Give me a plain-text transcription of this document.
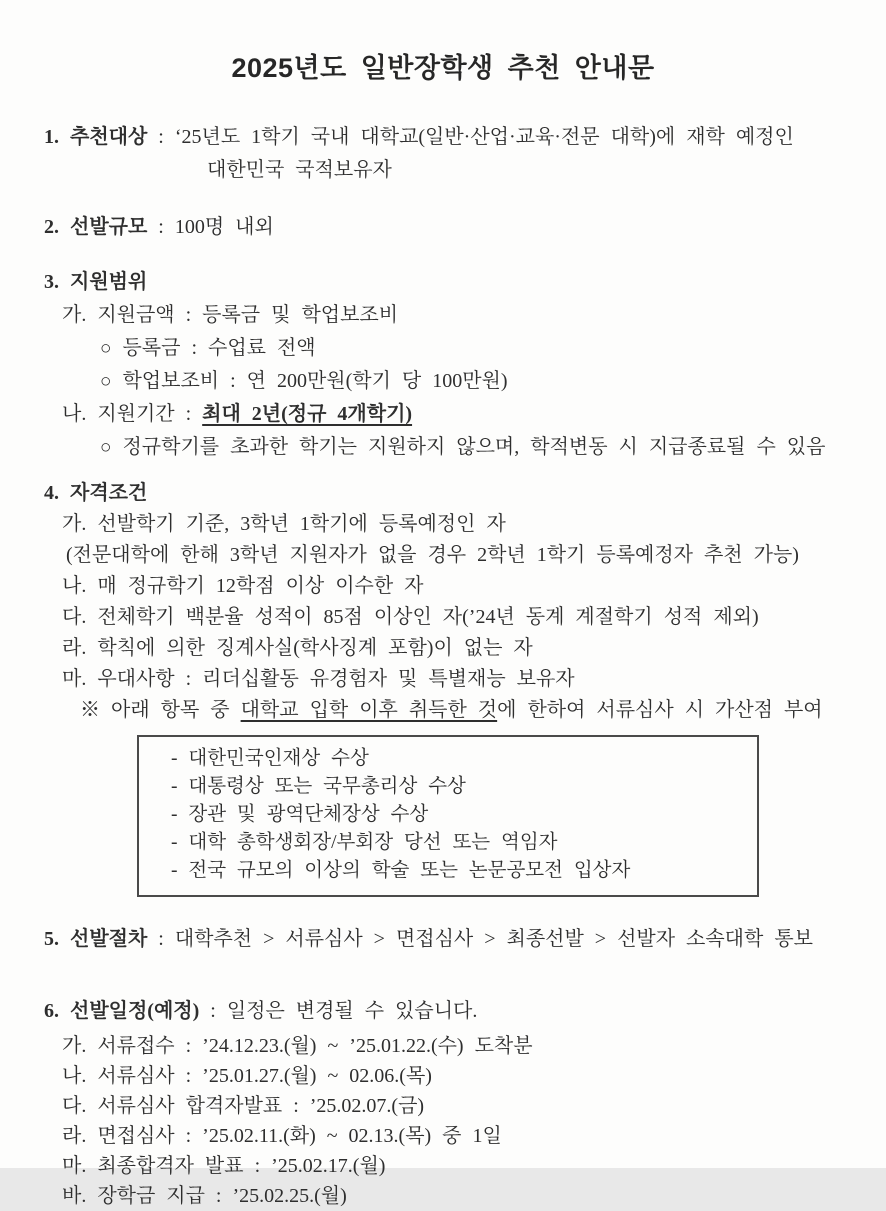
2025년도 일반장학생 추천 안내문
1. 추천대상 : ‘25년도 1학기 국내 대학교(일반·산업·교육·전문 대학)에 재학 예정인
대한민국 국적보유자
2. 선발규모 : 100명 내외
3. 지원범위
가. 지원금액 : 등록금 및 학업보조비
○ 등록금 : 수업료 전액
○ 학업보조비 : 연 200만원(학기 당 100만원)
나. 지원기간 : 최대 2년(정규 4개학기)
○ 정규학기를 초과한 학기는 지원하지 않으며, 학적변동 시 지급종료될 수 있음
4. 자격조건
가. 선발학기 기준, 3학년 1학기에 등록예정인 자
(전문대학에 한해 3학년 지원자가 없을 경우 2학년 1학기 등록예정자 추천 가능)
나. 매 정규학기 12학점 이상 이수한 자
다. 전체학기 백분율 성적이 85점 이상인 자(’24년 동계 계절학기 성적 제외)
라. 학칙에 의한 징계사실(학사징계 포함)이 없는 자
마. 우대사항 : 리더십활동 유경험자 및 특별재능 보유자
※ 아래 항목 중 대학교 입학 이후 취득한 것에 한하여 서류심사 시 가산점 부여
- 대한민국인재상 수상
- 대통령상 또는 국무총리상 수상
- 장관 및 광역단체장상 수상
- 대학 총학생회장/부회장 당선 또는 역임자
- 전국 규모의 이상의 학술 또는 논문공모전 입상자
5. 선발절차 : 대학추천 > 서류심사 > 면접심사 > 최종선발 > 선발자 소속대학 통보
6. 선발일정(예정) : 일정은 변경될 수 있습니다.
가. 서류접수 : ’24.12.23.(월) ~ ’25.01.22.(수) 도착분
나. 서류심사 : ’25.01.27.(월) ~ 02.06.(목)
다. 서류심사 합격자발표 : ’25.02.07.(금)
라. 면접심사 : ’25.02.11.(화) ~ 02.13.(목) 중 1일
마. 최종합격자 발표 : ’25.02.17.(월)
바. 장학금 지급 : ’25.02.25.(월)
